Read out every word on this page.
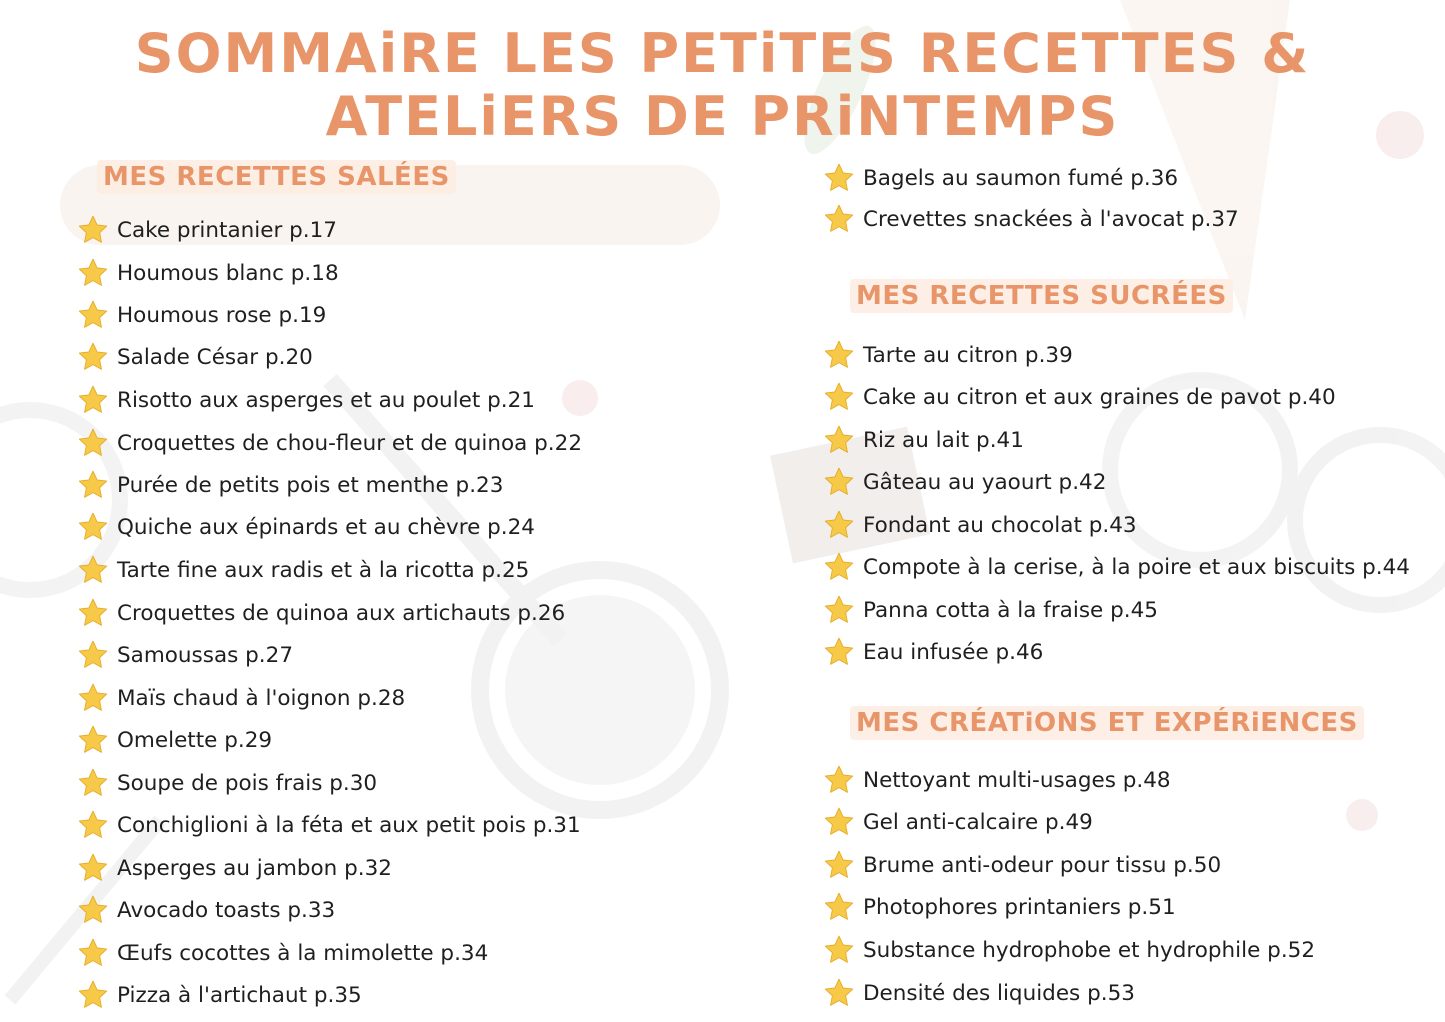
SOMMAiRE LES PETiTES RECETTES & ATELiERS DE PRiNTEMPS
MES RECETTES SALÉES
Cake printanier p.17
Houmous blanc p.18
Houmous rose p.19
Salade César p.20
Risotto aux asperges et au poulet p.21
Croquettes de chou-fleur et de quinoa p.22
Purée de petits pois et menthe p.23
Quiche aux épinards et au chèvre p.24
Tarte fine aux radis et à la ricotta p.25
Croquettes de quinoa aux artichauts p.26
Samoussas p.27
Maïs chaud à l'oignon p.28
Omelette p.29
Soupe de pois frais p.30
Conchiglioni à la féta et aux petit pois p.31
Asperges au jambon p.32
Avocado toasts p.33
Œufs cocottes à la mimolette p.34
Pizza à l'artichaut p.35
Bagels au saumon fumé p.36
Crevettes snackées à l'avocat p.37
MES RECETTES SUCRÉES
Tarte au citron p.39
Cake au citron et aux graines de pavot p.40
Riz au lait p.41
Gâteau au yaourt p.42
Fondant au chocolat p.43
Compote à la cerise, à la poire et aux biscuits p.44
Panna cotta à la fraise p.45
Eau infusée p.46
MES CRÉATiONS ET EXPÉRiENCES
Nettoyant multi-usages p.48
Gel anti-calcaire p.49
Brume anti-odeur pour tissu p.50
Photophores printaniers p.51
Substance hydrophobe et hydrophile p.52
Densité des liquides p.53
